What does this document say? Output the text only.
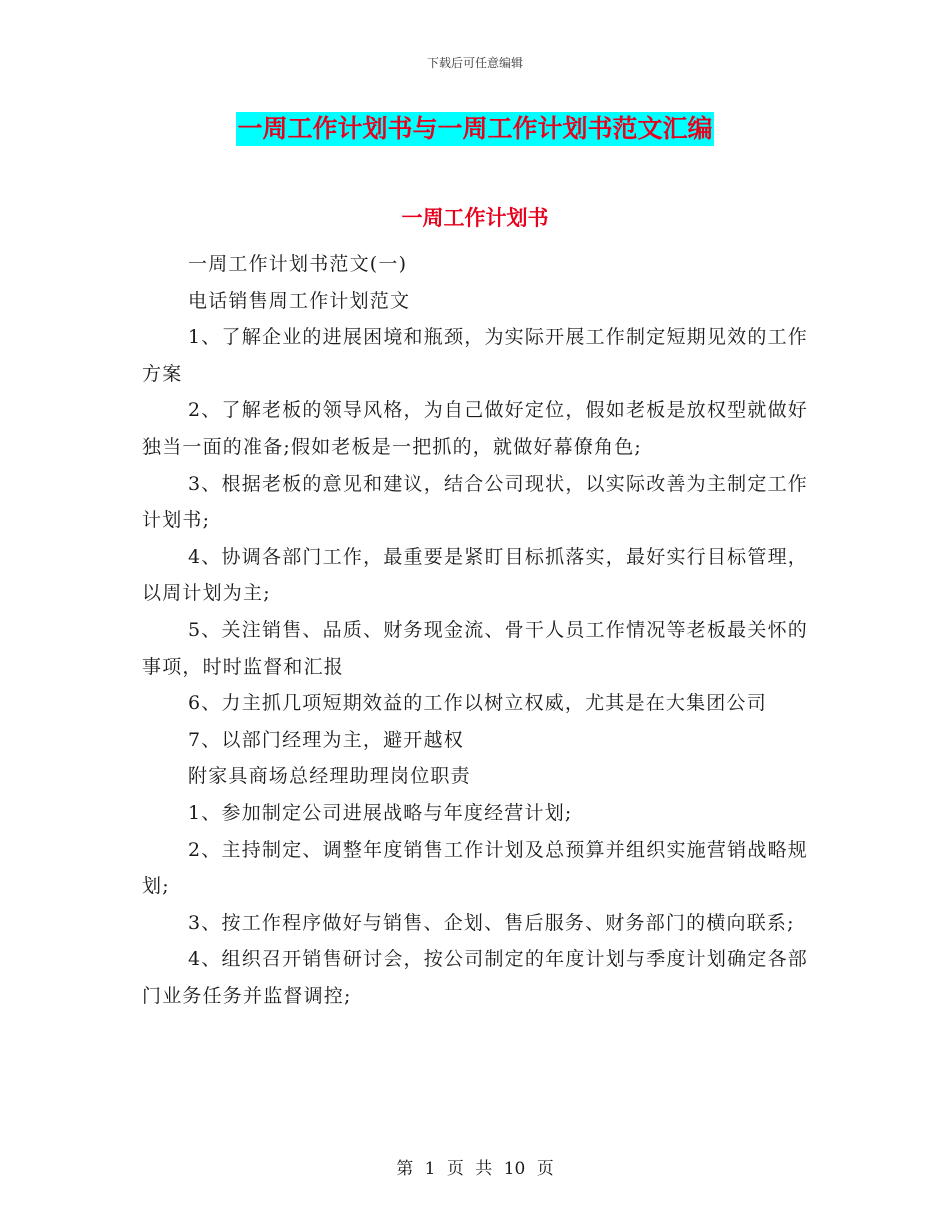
下载后可任意编辑
一周工作计划书与一周工作计划书范文汇编
一周工作计划书

一周工作计划书范文(一)

电话销售周工作计划范文

1、了解企业的进展困境和瓶颈，为实际开展工作制定短期见效的工作方案

2、了解老板的领导风格，为自己做好定位，假如老板是放权型就做好独当一面的准备;假如老板是一把抓的，就做好幕僚角色;

3、根据老板的意见和建议，结合公司现状，以实际改善为主制定工作计划书;

4、协调各部门工作，最重要是紧盯目标抓落实，最好实行目标管理，以周计划为主;

5、关注销售、品质、财务现金流、骨干人员工作情况等老板最关怀的事项，时时监督和汇报

6、力主抓几项短期效益的工作以树立权威，尤其是在大集团公司

7、以部门经理为主，避开越权

附家具商场总经理助理岗位职责

1、参加制定公司进展战略与年度经营计划;

2、主持制定、调整年度销售工作计划及总预算并组织实施营销战略规划;

3、按工作程序做好与销售、企划、售后服务、财务部门的横向联系;

4、组织召开销售研讨会，按公司制定的年度计划与季度计划确定各部门业务任务并监督调控;

第 1 页 共 10 页
